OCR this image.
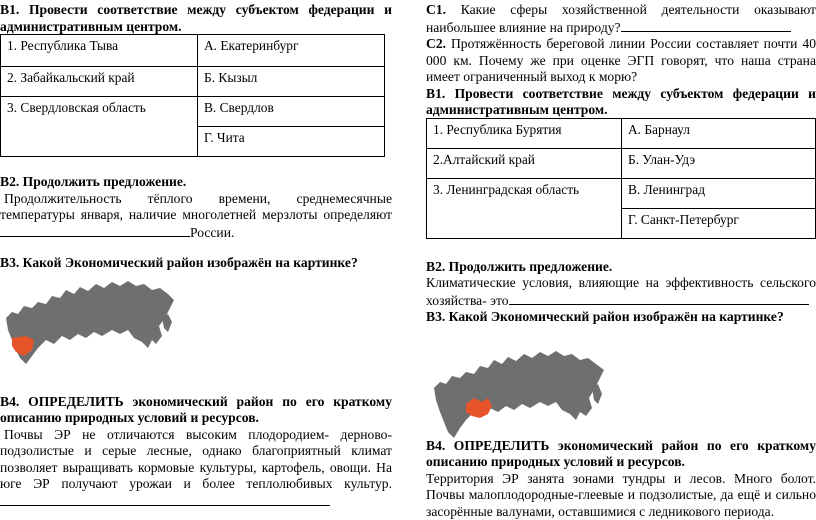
B1. Провести соответствие между субъектом федерации и административным центром.

1. Республика Тыва	А. Екатеринбург
2. Забайкальский край	Б. Кызыл
3. Свердловская область	В. Свердлов
	Г. Чита

В2. Продолжить предложение.

Продолжительность тёплого времени, среднемесячные температуры января, наличие многолетней мерзлоты определяютРоссии.

В3. Какой Экономический район изображён на картинке?

В4. ОПРЕДЕЛИТЬ экономический район по его краткому описанию природных условий и ресурсов.

Почвы ЭР не отличаются высоким плодородием- дерново-подзолистые и серые лесные, однако благоприятный климат позволяет выращивать кормовые культуры, картофель, овощи. На юге ЭР получают урожаи и более теплолюбивых культур.

С1. Какие сферы хозяйственной деятельности оказывают наибольшее влияние на природу?

С2. Протяжённость береговой линии России составляет почти 40 000 км. Почему же при оценке ЭГП говорят, что наша страна имеет ограниченный выход к морю?

B1. Провести соответствие между субъектом федерации и административным центром.

1. Республика Бурятия	А. Барнаул
2.Алтайский край	Б. Улан-Удэ
3. Ленинградская область	В. Ленинград
	Г. Санкт-Петербург

В2. Продолжить предложение.

Климатические условия, влияющие на эффективность сельского хозяйства- это

В3. Какой Экономический район изображён на картинке?

В4. ОПРЕДЕЛИТЬ экономический район по его краткому описанию природных условий и ресурсов.

Территория ЭР занята зонами тундры и лесов. Много болот. Почвы малоплодородные-глеевые и подзолистые, да ещё и сильно засорённые валунами, оставшимися с ледникового периода.
